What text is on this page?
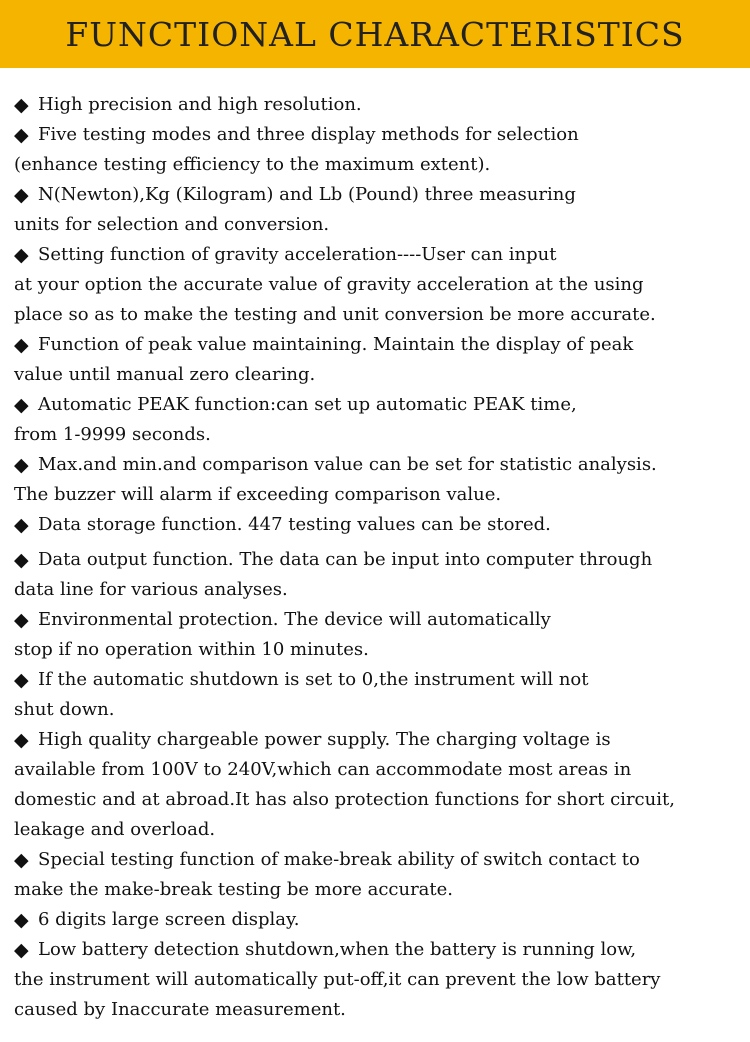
FUNCTIONAL CHARACTERISTICS
◆ High precision and high resolution.
◆ Five testing modes and three display methods for selection
(enhance testing efficiency to the maximum extent).
◆ N(Newton),Kg (Kilogram) and Lb (Pound) three measuring
units for selection and conversion.
◆ Setting function of gravity acceleration----User can input
at your option the accurate value of gravity acceleration at the using
place so as to make the testing and unit conversion be more accurate.
◆ Function of peak value maintaining. Maintain the display of peak
value until manual zero clearing.
◆ Automatic PEAK function:can set up automatic PEAK time,
from 1-9999 seconds.
◆ Max.and min.and comparison value can be set for statistic analysis.
The buzzer will alarm if exceeding comparison value.
◆ Data storage function. 447 testing values can be stored.
◆ Data output function. The data can be input into computer through
data line for various analyses.
◆ Environmental protection. The device will automatically
stop if no operation within 10 minutes.
◆ If the automatic shutdown is set to 0,the instrument will not
shut down.
◆ High quality chargeable power supply. The charging voltage is
available from 100V to 240V,which can accommodate most areas in
domestic and at abroad.It has also protection functions for short circuit,
leakage and overload.
◆ Special testing function of make-break ability of switch contact to
make the make-break testing be more accurate.
◆ 6 digits large screen display.
◆ Low battery detection shutdown,when the battery is running low,
the instrument will automatically put-off,it can prevent the low battery
caused by Inaccurate measurement.
